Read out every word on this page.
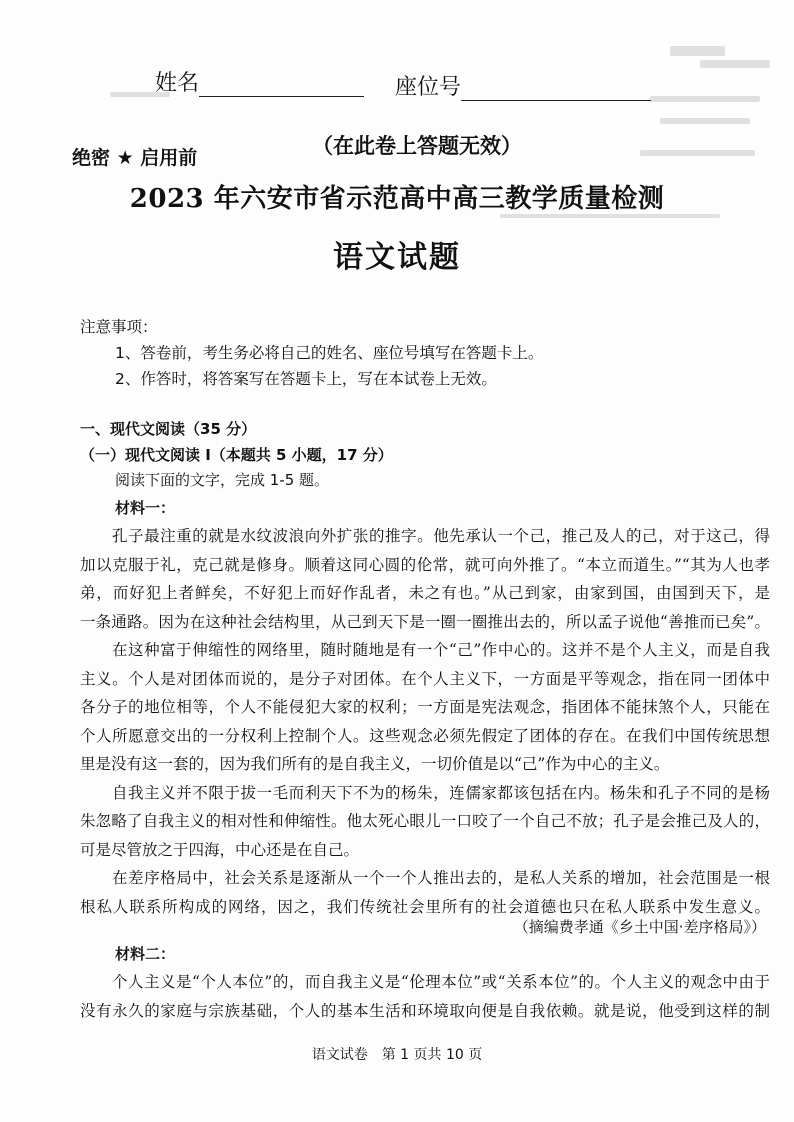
姓名	座位号
（在此卷上答题无效）
绝密 ★ 启用前
2023 年六安市省示范高中高三教学质量检测
语文试题
注意事项：
1、答卷前，考生务必将自己的姓名、座位号填写在答题卡上。
2、作答时，将答案写在答题卡上，写在本试卷上无效。
一、现代文阅读（35 分）
（一）现代文阅读 I（本题共 5 小题，17 分）
阅读下面的文字，完成 1-5 题。
材料一：
孔子最注重的就是水纹波浪向外扩张的推字。他先承认一个己，推己及人的己，对于这己，得
加以克服于礼，克己就是修身。顺着这同心圆的伦常，就可向外推了。“本立而道生。”“其为人也孝
弟，而好犯上者鲜矣，不好犯上而好作乱者，未之有也。”从己到家，由家到国，由国到天下，是
一条通路。因为在这种社会结构里，从己到天下是一圈一圈推出去的，所以孟子说他“善推而已矣”。
在这种富于伸缩性的网络里，随时随地是有一个“己”作中心的。这并不是个人主义，而是自我
主义。个人是对团体而说的，是分子对团体。在个人主义下，一方面是平等观念，指在同一团体中
各分子的地位相等，个人不能侵犯大家的权利；一方面是宪法观念，指团体不能抹煞个人，只能在
个人所愿意交出的一分权利上控制个人。这些观念必须先假定了团体的存在。在我们中国传统思想
里是没有这一套的，因为我们所有的是自我主义，一切价值是以“己”作为中心的主义。
自我主义并不限于拔一毛而利天下不为的杨朱，连儒家都该包括在内。杨朱和孔子不同的是杨
朱忽略了自我主义的相对性和伸缩性。他太死心眼儿一口咬了一个自己不放；孔子是会推己及人的，
可是尽管放之于四海，中心还是在自己。
在差序格局中，社会关系是逐渐从一个一个人推出去的，是私人关系的增加，社会范围是一根
根私人联系所构成的网络，因之，我们传统社会里所有的社会道德也只在私人联系中发生意义。
（摘编费孝通《乡土中国·差序格局》）
材料二：
个人主义是“个人本位”的，而自我主义是“伦理本位”或“关系本位”的。个人主义的观念中由于
没有永久的家庭与宗族基础，个人的基本生活和环境取向便是自我依赖。就是说，他受到这样的制
语文试卷　第 1 页共 10 页
